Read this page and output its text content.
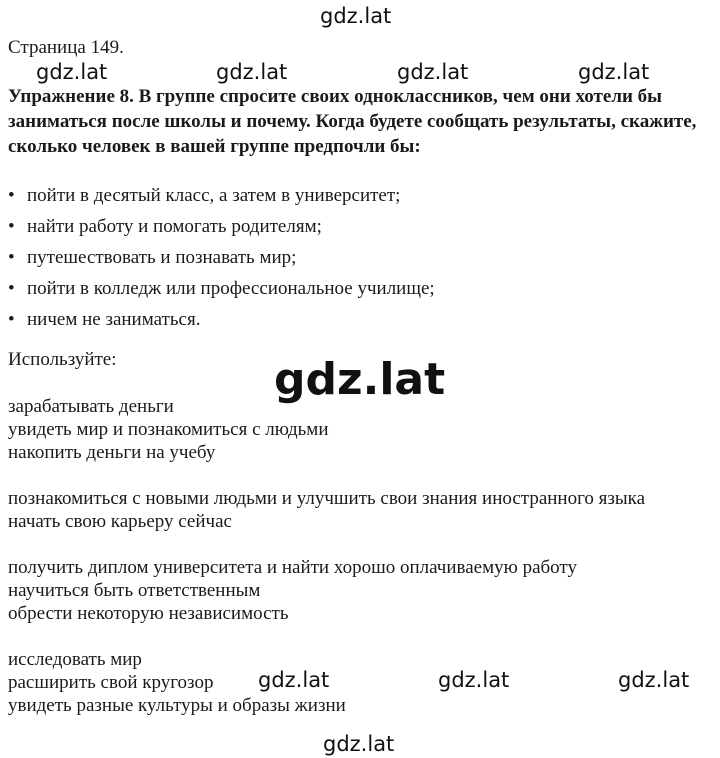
gdz.lat
gdz.lat	gdz.lat	gdz.lat	gdz.lat
gdz.lat
gdz.lat	gdz.lat	gdz.lat
gdz.lat
Страница 149.
Упражнение 8. В группе спросите своих одноклассников, чем они хотели бы заниматься после школы и почему. Когда будете сообщать результаты, скажите, сколько человек в вашей группе предпочли бы:
• пойти в десятый класс, а затем в университет;
• найти работу и помогать родителям;
• путешествовать и познавать мир;
• пойти в колледж или профессиональное училище;
• ничем не заниматься.
Используйте:
зарабатывать деньги
увидеть мир и познакомиться с людьми
накопить деньги на учебу
познакомиться с новыми людьми и улучшить свои знания иностранного языка
начать свою карьеру сейчас
получить диплом университета и найти хорошо оплачиваемую работу
научиться быть ответственным
обрести некоторую независимость
исследовать мир
расширить свой кругозор
увидеть разные культуры и образы жизни
